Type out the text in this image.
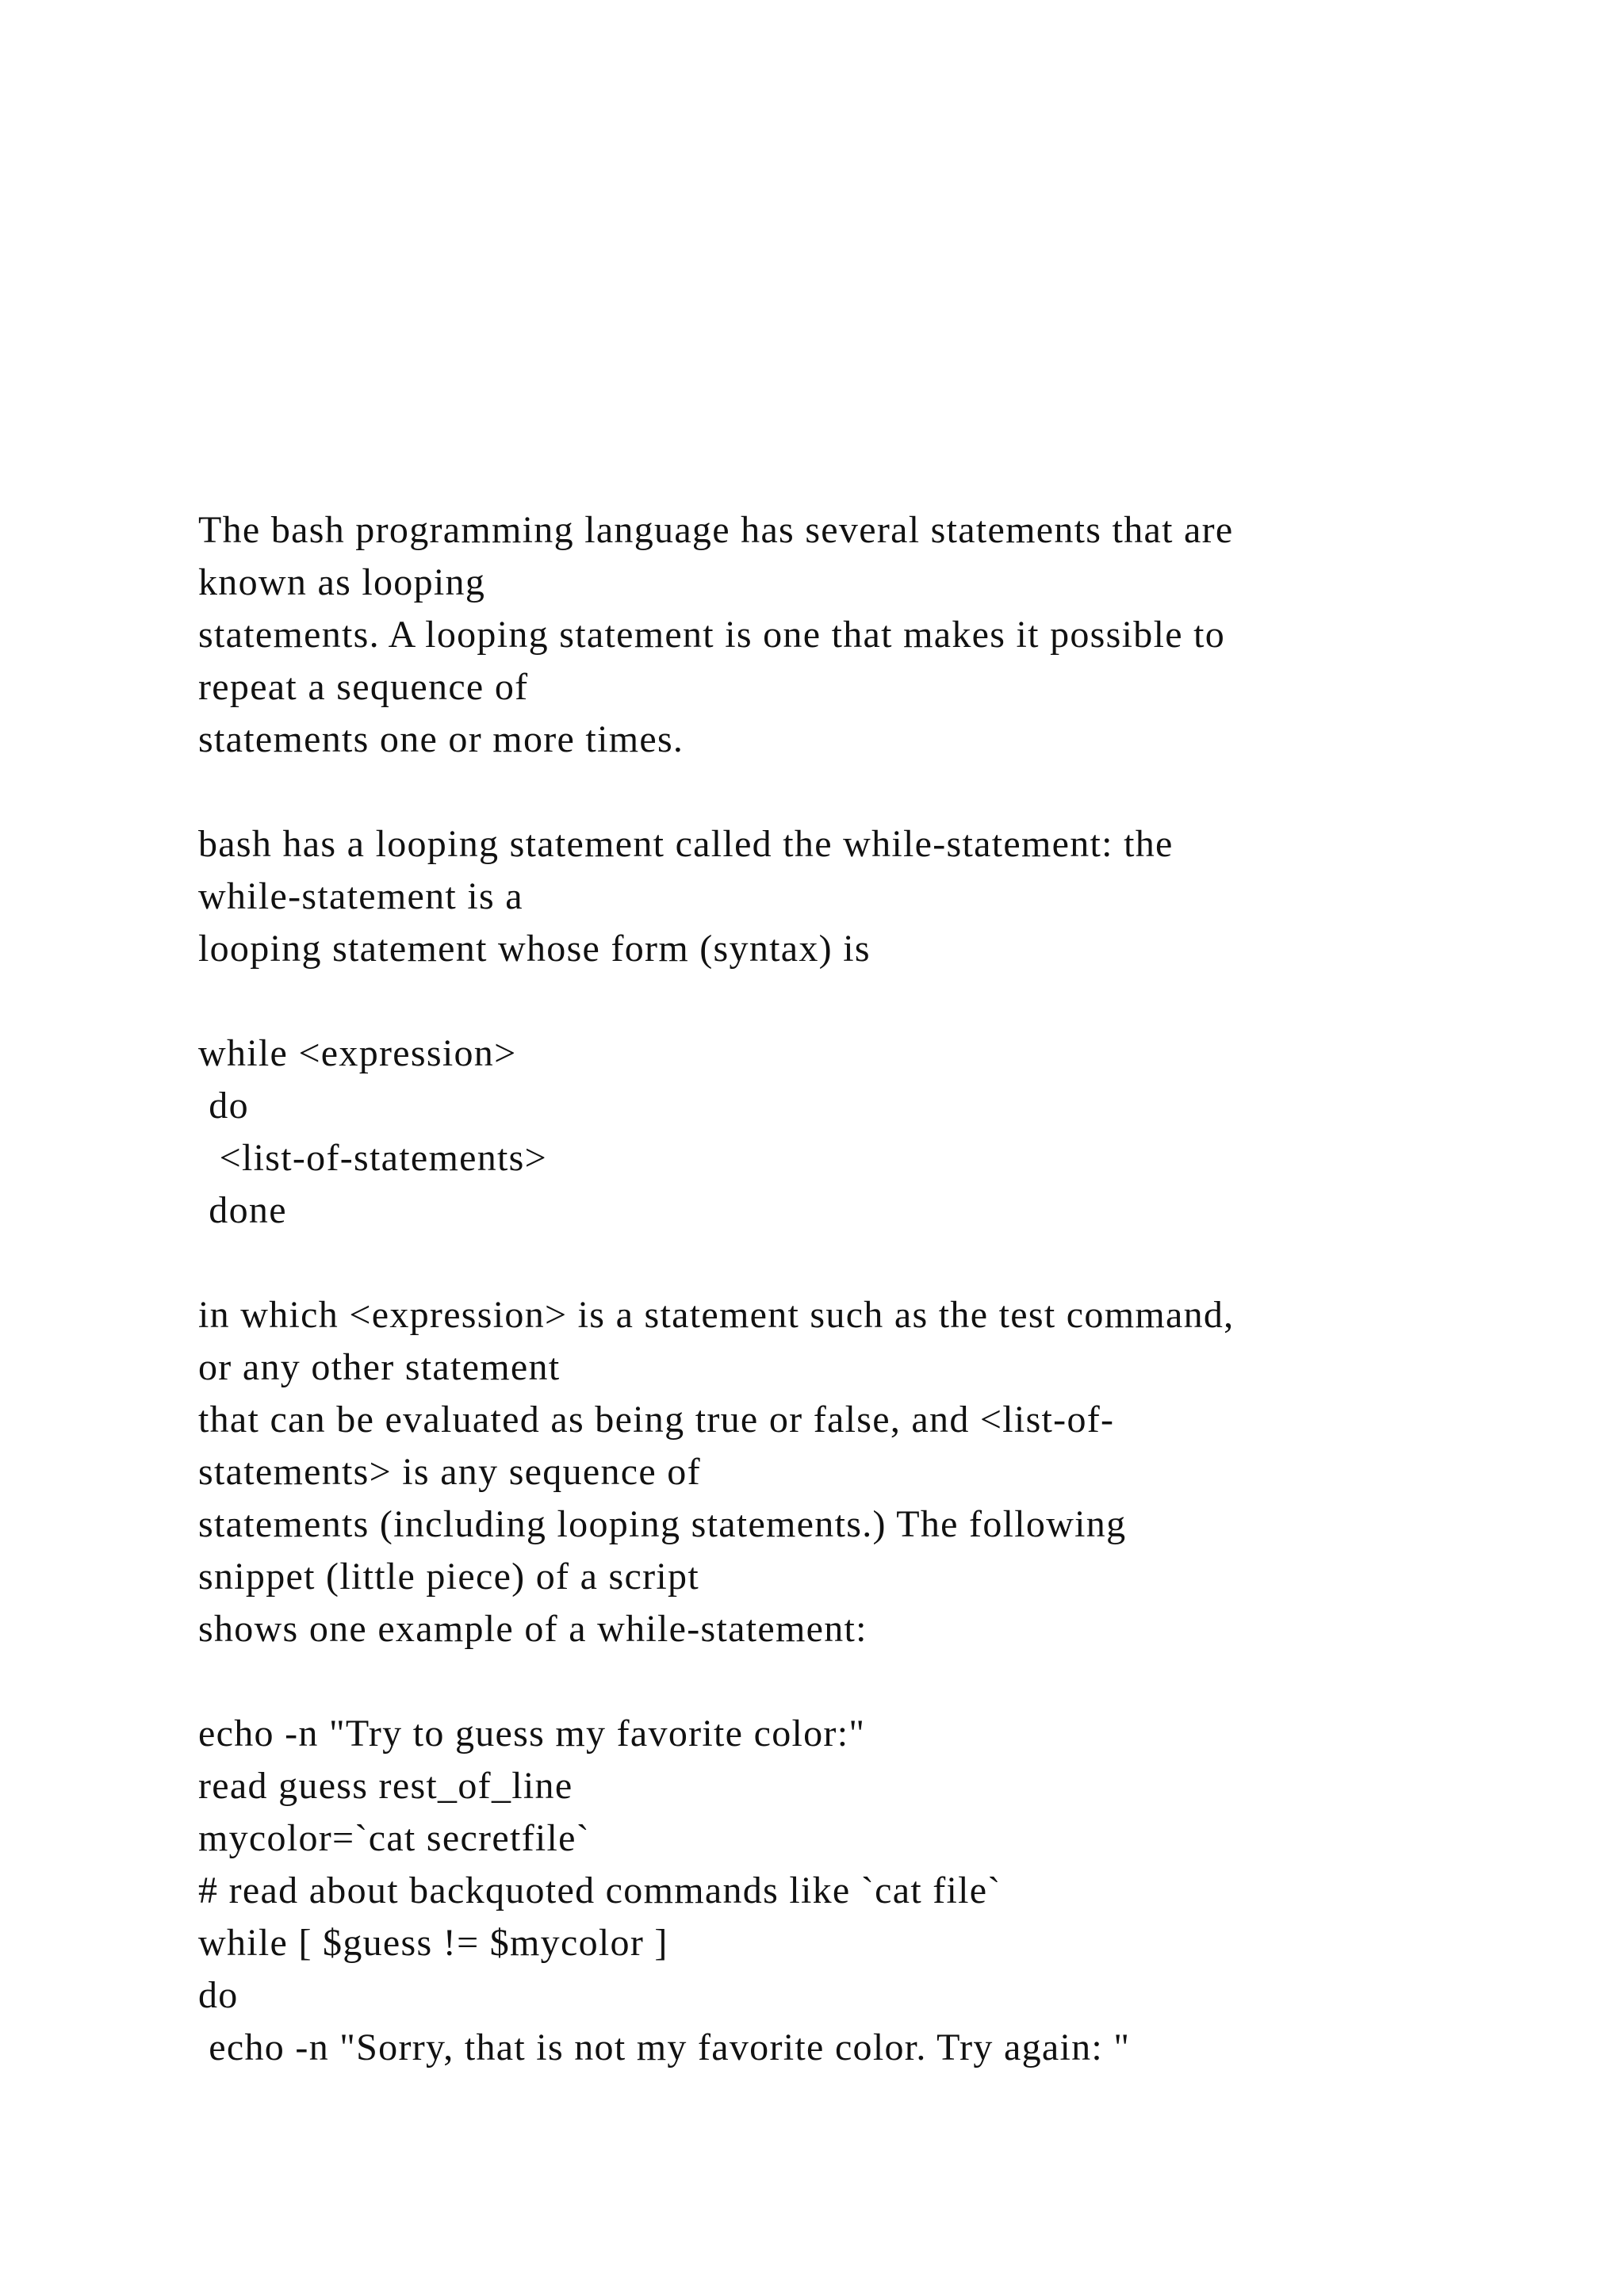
The bash programming language has several statements that are
known as looping
statements. A looping statement is one that makes it possible to
repeat a sequence of
statements one or more times.
bash has a looping statement called the while-statement: the
while-statement is a
looping statement whose form (syntax) is
while <expression>
do
<list-of-statements>
done
in which <expression> is a statement such as the test command,
or any other statement
that can be evaluated as being true or false, and <list-of-
statements> is any sequence of
statements (including looping statements.) The following
snippet (little piece) of a script
shows one example of a while-statement:
echo -n "Try to guess my favorite color:"
read guess rest_of_line
mycolor=`cat secretfile`
# read about backquoted commands like `cat file`
while [ $guess != $mycolor ]
do
echo -n "Sorry, that is not my favorite color. Try again: "
